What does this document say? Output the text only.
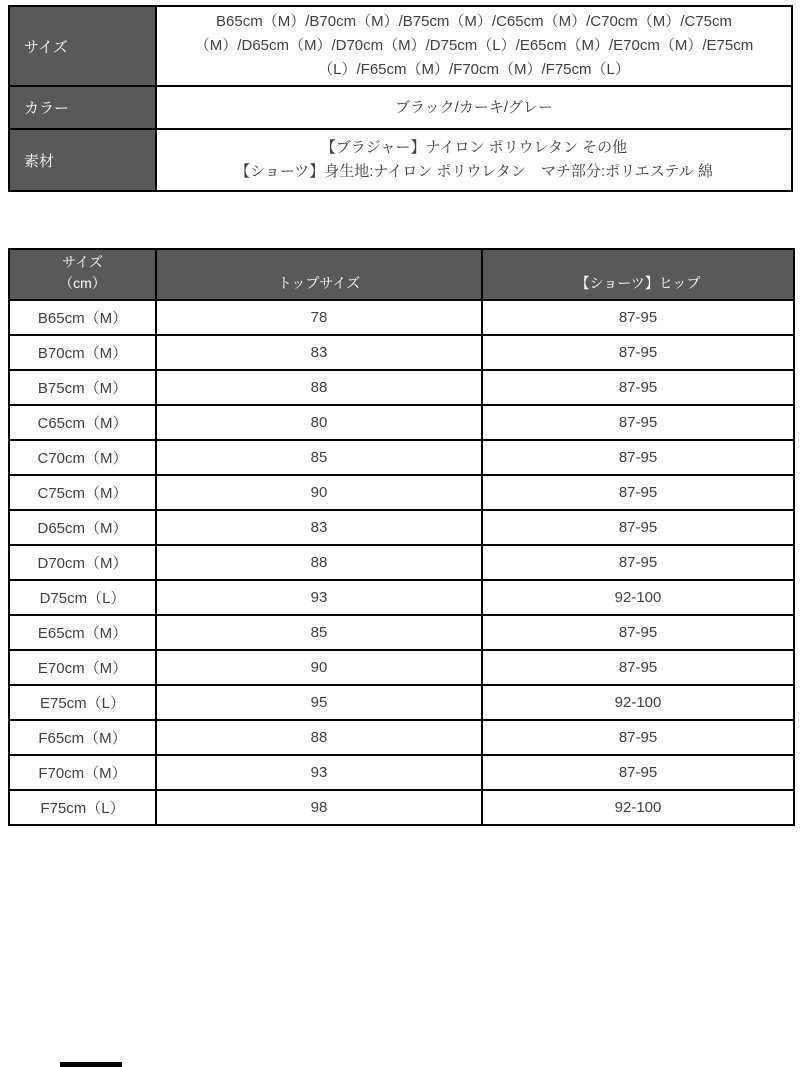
サイズ	B65cm（M）/B70cm（M）/B75cm（M）/C65cm（M）/C70cm（M）/C75cm（M）/D65cm（M）/D70cm（M）/D75cm（L）/E65cm（M）/E70cm（M）/E75cm（L）/F65cm（M）/F70cm（M）/F75cm（L）

カラー	ブラック/カーキ/グレー

素材	【ブラジャー】ナイロン ポリウレタン その他
【ショーツ】身生地:ナイロン ポリウレタン　マチ部分:ポリエステル 綿
サイズ
（cm）	トップサイズ	【ショーツ】ヒップ
B65cm（M）	78	87-95
B70cm（M）	83	87-95
B75cm（M）	88	87-95
C65cm（M）	80	87-95
C70cm（M）	85	87-95
C75cm（M）	90	87-95
D65cm（M）	83	87-95
D70cm（M）	88	87-95
D75cm（L）	93	92-100
E65cm（M）	85	87-95
E70cm（M）	90	87-95
E75cm（L）	95	92-100
F65cm（M）	88	87-95
F70cm（M）	93	87-95
F75cm（L）	98	92-100
